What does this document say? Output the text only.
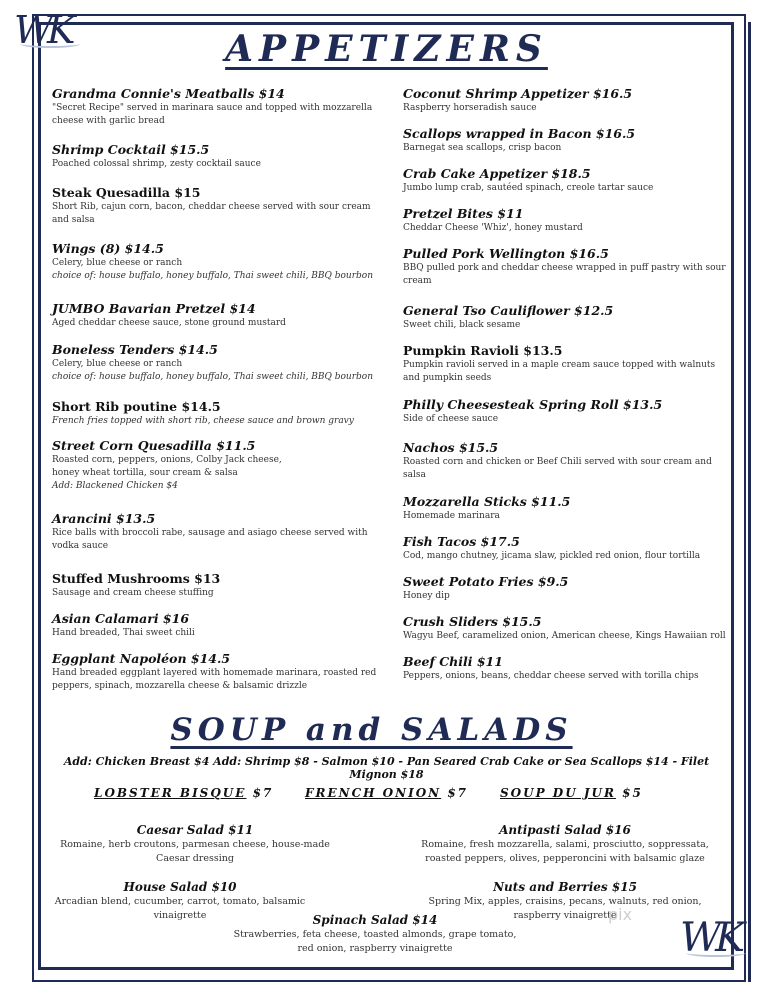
WK
WK
APPETIZERS
Grandma Connie's Meatballs $14
"Secret Recipe" served in marinara sauce and topped with mozzarella cheese with garlic bread
Shrimp Cocktail $15.5
Poached colossal shrimp, zesty cocktail sauce
Steak Quesadilla $15
Short Rib, cajun corn, bacon, cheddar cheese served with sour cream and salsa
Wings (8) $14.5
Celery, blue cheese or ranch
choice of: house buffalo, honey buffalo, Thai sweet chili, BBQ bourbon
JUMBO Bavarian Pretzel $14
Aged cheddar cheese sauce, stone ground mustard
Boneless Tenders $14.5
Celery, blue cheese or ranch
choice of: house buffalo, honey buffalo, Thai sweet chili, BBQ bourbon
Short Rib poutine $14.5
French fries topped with short rib, cheese sauce and brown gravy
Street Corn Quesadilla $11.5
Roasted corn, peppers, onions, Colby Jack cheese,
honey wheat tortilla, sour cream & salsa
Add: Blackened Chicken $4
Arancini $13.5
Rice balls with broccoli rabe, sausage and asiago cheese served with vodka sauce
Stuffed Mushrooms $13
Sausage and cream cheese stuffing
Asian Calamari $16
Hand breaded, Thai sweet chili
Eggplant Napoléon $14.5
Hand breaded eggplant layered with homemade marinara, roasted red peppers, spinach, mozzarella cheese & balsamic drizzle
Coconut Shrimp Appetizer $16.5
Raspberry horseradish sauce
Scallops wrapped in Bacon $16.5
Barnegat sea scallops, crisp bacon
Crab Cake Appetizer $18.5
Jumbo lump crab, sautéed spinach, creole tartar sauce
Pretzel Bites $11
Cheddar Cheese 'Whiz', honey mustard
Pulled Pork Wellington $16.5
BBQ pulled pork and cheddar cheese wrapped in puff pastry with sour cream
General Tso Cauliflower $12.5
Sweet chili, black sesame
Pumpkin Ravioli $13.5
Pumpkin ravioli served in a maple cream sauce topped with walnuts and pumpkin seeds
Philly Cheesesteak Spring Roll $13.5
Side of cheese sauce
Nachos $15.5
Roasted corn and chicken or Beef Chili served with sour cream and salsa
Mozzarella Sticks $11.5
Homemade marinara
Fish Tacos $17.5
Cod, mango chutney, jicama slaw, pickled red onion, flour tortilla
Sweet Potato Fries $9.5
Honey dip
Crush Sliders $15.5
Wagyu Beef, caramelized onion, American cheese, Kings Hawaiian roll
Beef Chili $11
Peppers, onions, beans, cheddar cheese served with torilla chips
SOUP and SALADS
Add: Chicken Breast $4 Add: Shrimp $8 - Salmon $10 - Pan Seared Crab Cake or Sea Scallops $14 - Filet Mignon $18
LOBSTER BISQUE $7	FRENCH ONION $7	SOUP DU JUR $5
Caesar Salad $11
Romaine, herb croutons, parmesan cheese, house-made
Caesar dressing
Antipasti Salad $16
Romaine, fresh mozzarella, salami, prosciutto, soppressata,
roasted peppers, olives, pepperoncini with balsamic glaze
House Salad $10
Arcadian blend, cucumber, carrot, tomato, balsamic
vinaigrette
Nuts and Berries $15
Spring Mix, apples, craisins, pecans, walnuts, red onion,
raspberry vinaigrette
Spinach Salad $14
Strawberries, feta cheese, toasted almonds, grape tomato,
red onion, raspberry vinaigrette
pix
